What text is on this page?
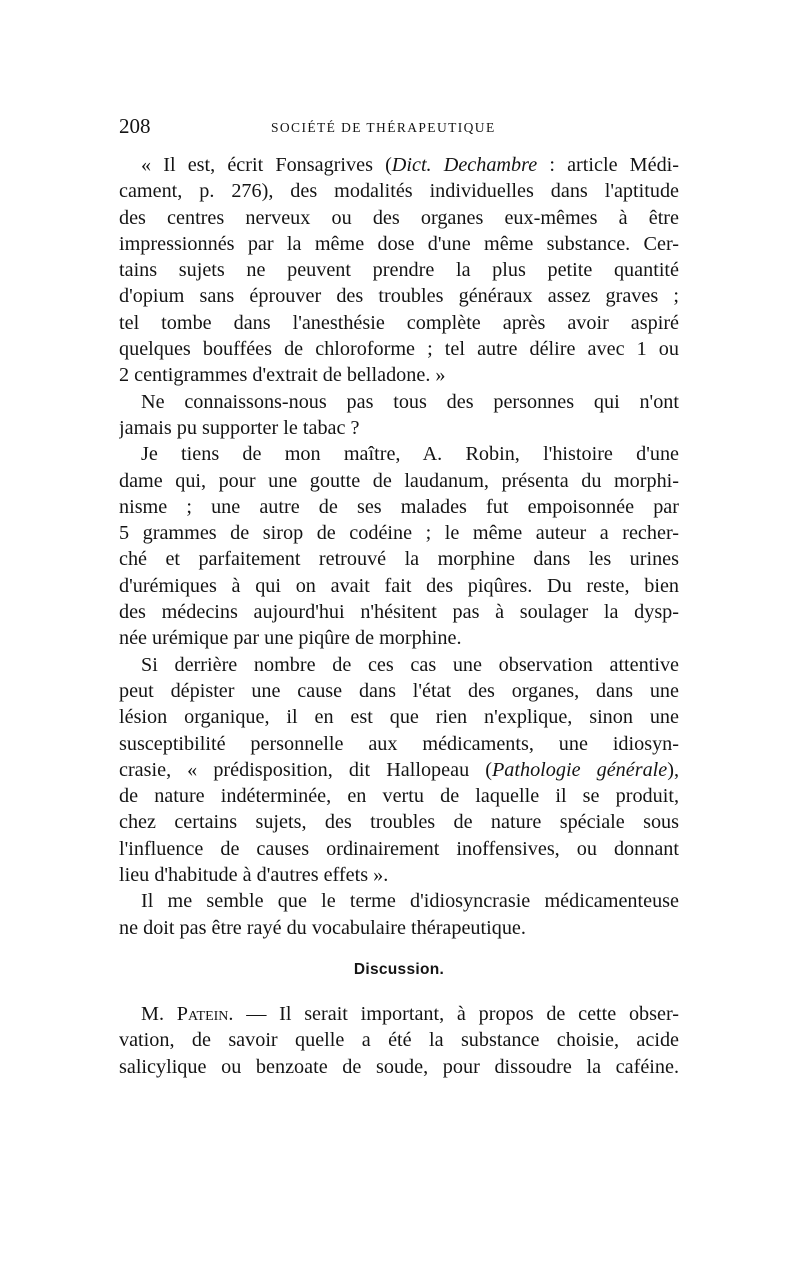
208	SOCIÉTÉ DE THÉRAPEUTIQUE
« Il est, écrit Fonsagrives (Dict. Dechambre : article Médi-
cament, p. 276), des modalités individuelles dans l'aptitude
des centres nerveux ou des organes eux-mêmes à être
impressionnés par la même dose d'une même substance. Cer-
tains sujets ne peuvent prendre la plus petite quantité
d'opium sans éprouver des troubles généraux assez graves ;
tel tombe dans l'anesthésie complète après avoir aspiré
quelques bouffées de chloroforme ; tel autre délire avec 1 ou
2 centigrammes d'extrait de belladone. »
Ne connaissons-nous pas tous des personnes qui n'ont
jamais pu supporter le tabac ?
Je tiens de mon maître, A. Robin, l'histoire d'une
dame qui, pour une goutte de laudanum, présenta du morphi-
nisme ; une autre de ses malades fut empoisonnée par
5 grammes de sirop de codéine ; le même auteur a recher-
ché et parfaitement retrouvé la morphine dans les urines
d'urémiques à qui on avait fait des piqûres. Du reste, bien
des médecins aujourd'hui n'hésitent pas à soulager la dysp-
née urémique par une piqûre de morphine.
Si derrière nombre de ces cas une observation attentive
peut dépister une cause dans l'état des organes, dans une
lésion organique, il en est que rien n'explique, sinon une
susceptibilité personnelle aux médicaments, une idiosyn-
crasie, « prédisposition, dit Hallopeau (Pathologie générale),
de nature indéterminée, en vertu de laquelle il se produit,
chez certains sujets, des troubles de nature spéciale sous
l'influence de causes ordinairement inoffensives, ou donnant
lieu d'habitude à d'autres effets ».
Il me semble que le terme d'idiosyncrasie médicamenteuse
ne doit pas être rayé du vocabulaire thérapeutique.
Discussion.
M. Patein. — Il serait important, à propos de cette obser-
vation, de savoir quelle a été la substance choisie, acide
salicylique ou benzoate de soude, pour dissoudre la caféine.
